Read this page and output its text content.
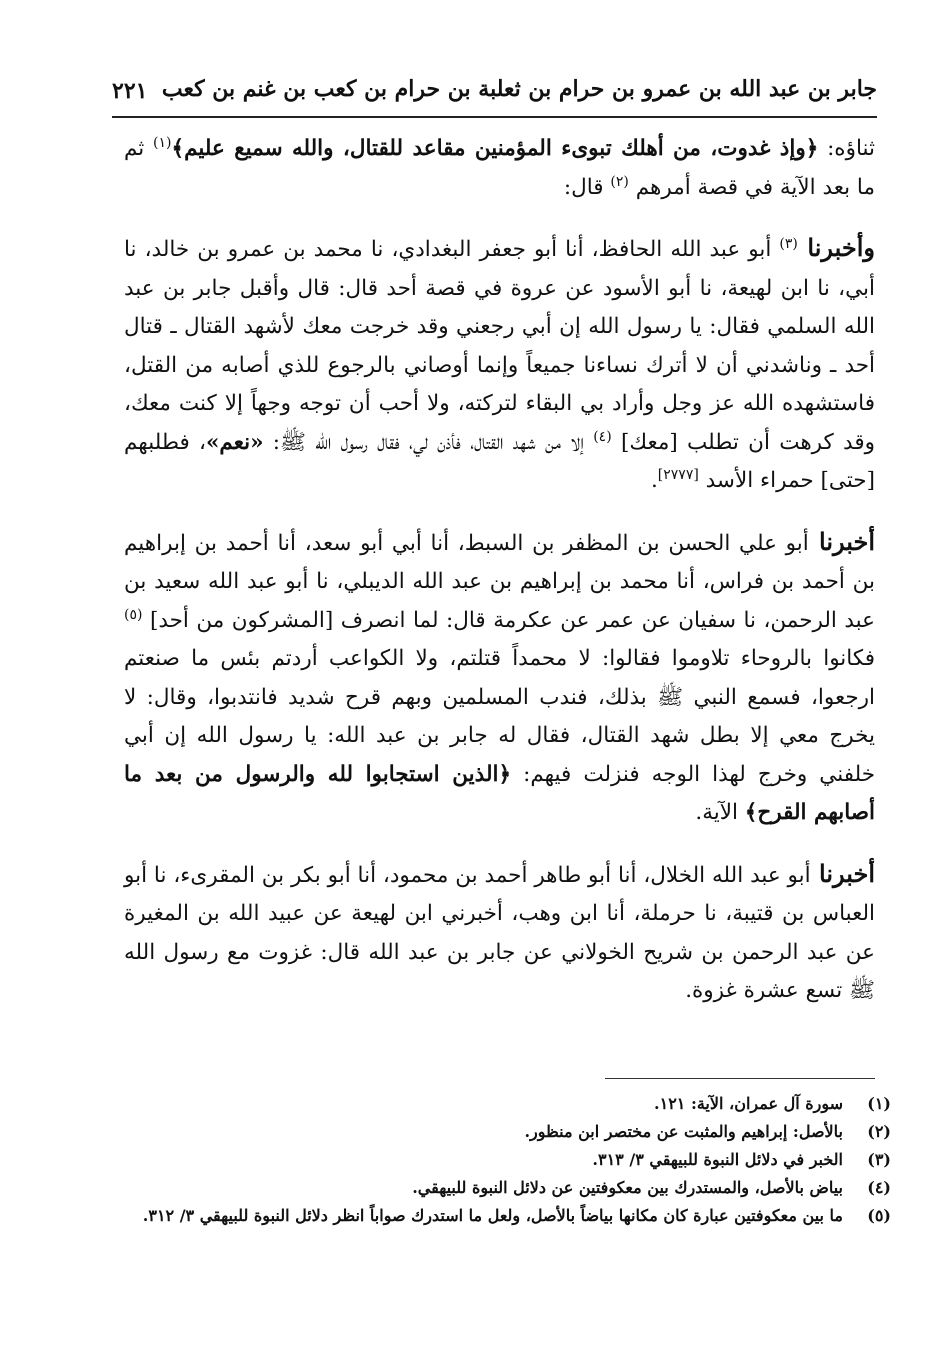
جابر بن عبد الله بن عمرو بن حرام بن ثعلبة بن حرام بن كعب بن غنم بن كعب
٢٢١

ثناؤه: ﴿وإذ غدوت، من أهلك تبوىء المؤمنين مقاعد للقتال، والله سميع عليم﴾$^{(١)}$ ثم ما بعد الآية في قصة أمرهم $^{(٢)}$ قال:

وأخبرنا $^{(٣)}$ أبو عبد الله الحافظ، أنا أبو جعفر البغدادي، نا محمد بن عمرو بن خالد، نا أبي، نا ابن لهيعة، نا أبو الأسود عن عروة في قصة أحد قال: قال وأقبل جابر بن عبد الله السلمي فقال: يا رسول الله إن أبي رجعني وقد خرجت معك لأشهد القتال ـ قتال أحد ـ وناشدني أن لا أترك نساءنا جميعاً وإنما أوصاني بالرجوع للذي أصابه من القتل، فاستشهده الله عز وجل وأراد بي البقاء لتركته، ولا أحب أن توجه وجهاً إلا كنت معك، وقد كرهت أن تطلب [معك] $^{(٤)}$ إلا من شهد القتال، فأذن لي، فقال رسول الله ﷺ: «نعم»، فطلبهم [حتى] حمراء الأسد [٢٧٧٧].

أخبرنا أبو علي الحسن بن المظفر بن السبط، أنا أبي أبو سعد، أنا أحمد بن إبراهيم بن أحمد بن فراس، أنا محمد بن إبراهيم بن عبد الله الديبلي، نا أبو عبد الله سعيد بن عبد الرحمن، نا سفيان عن عمر عن عكرمة قال: لما انصرف [المشركون من أحد] $^{(٥)}$ فكانوا بالروحاء تلاوموا فقالوا: لا محمداً قتلتم، ولا الكواعب أردتم بئس ما صنعتم ارجعوا، فسمع النبي ﷺ بذلك، فندب المسلمين وبهم قرح شديد فانتدبوا، وقال: لا يخرج معي إلا بطل شهد القتال، فقال له جابر بن عبد الله: يا رسول الله إن أبي خلفني وخرج لهذا الوجه فنزلت فيهم: ﴿الذين استجابوا لله والرسول من بعد ما أصابهم القرح﴾ الآية.

أخبرنا أبو عبد الله الخلال، أنا أبو طاهر أحمد بن محمود، أنا أبو بكر بن المقرىء، نا أبو العباس بن قتيبة، نا حرملة، أنا ابن وهب، أخبرني ابن لهيعة عن عبيد الله بن المغيرة عن عبد الرحمن بن شريح الخولاني عن جابر بن عبد الله قال: غزوت مع رسول الله ﷺ تسع عشرة غزوة.

(١)
سورة آل عمران، الآية: ١٢١.
(٢)
بالأصل: إبراهيم والمثبت عن مختصر ابن منظور.
(٣)
الخبر في دلائل النبوة للبيهقي ٣/ ٣١٣.
(٤)
بياض بالأصل، والمستدرك بين معكوفتين عن دلائل النبوة للبيهقي.
(٥)
ما بين معكوفتين عبارة كان مكانها بياضاً بالأصل، ولعل ما استدرك صواباً انظر دلائل النبوة للبيهقي ٣/ ٣١٢.
